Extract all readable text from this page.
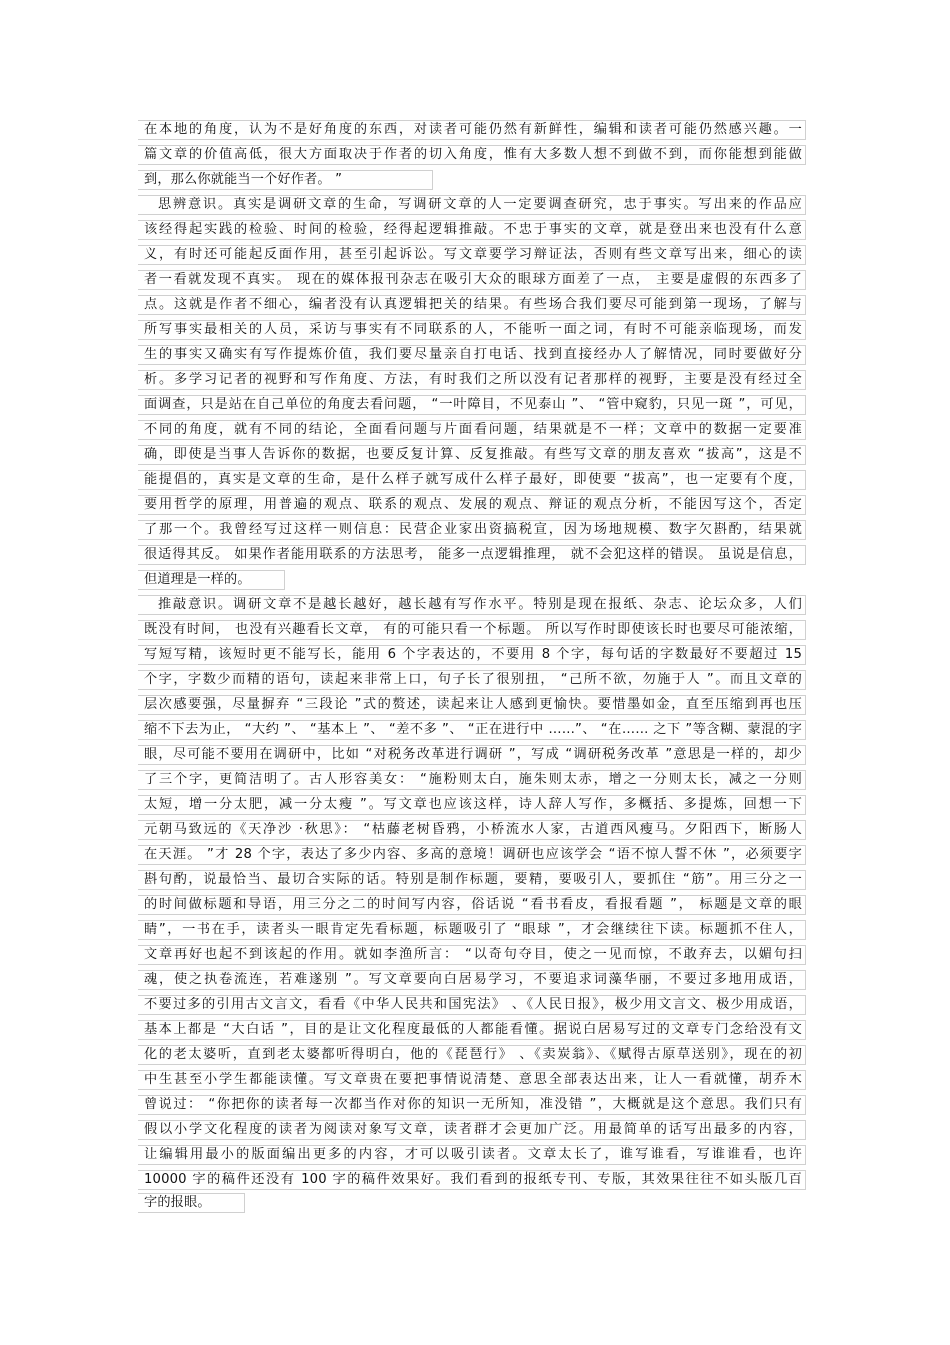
在本地的角度，认为不是好角度的东西，对读者可能仍然有新鲜性，编辑和读者可能仍然感兴趣。一
篇文章的价值高低，很大方面取决于作者的切入角度，惟有大多数人想不到做不到，而你能想到能做
到，那么你就能当一个好作者。 ”
思辨意识。真实是调研文章的生命，写调研文章的人一定要调查研究，忠于事实。写出来的作品应
该经得起实践的检验、时间的检验，经得起逻辑推敲。不忠于事实的文章，就是登出来也没有什么意
义，有时还可能起反面作用，甚至引起诉讼。写文章要学习辩证法，否则有些文章写出来，细心的读
者一看就发现不真实。 现在的媒体报刊杂志在吸引大众的眼球方面差了一点， 主要是虚假的东西多了
点。这就是作者不细心，编者没有认真逻辑把关的结果。有些场合我们要尽可能到第一现场，了解与
所写事实最相关的人员，采访与事实有不同联系的人，不能听一面之词，有时不可能亲临现场，而发
生的事实又确实有写作提炼价值，我们要尽量亲自打电话、找到直接经办人了解情况，同时要做好分
析。多学习记者的视野和写作角度、方法，有时我们之所以没有记者那样的视野，主要是没有经过全
面调查，只是站在自己单位的角度去看问题， “一叶障目，不见泰山 ”、 “管中窥豹，只见一斑 ”，可见，
不同的角度，就有不同的结论，全面看问题与片面看问题，结果就是不一样；文章中的数据一定要准
确，即使是当事人告诉你的数据，也要反复计算、反复推敲。有些写文章的朋友喜欢 “拔高”，这是不
能提倡的，真实是文章的生命，是什么样子就写成什么样子最好，即使要 “拔高”，也一定要有个度，
要用哲学的原理，用普遍的观点、联系的观点、发展的观点、辩证的观点分析，不能因写这个，否定
了那一个。我曾经写过这样一则信息：民营企业家出资搞税宣，因为场地规模、数字欠斟酌，结果就
很适得其反。 如果作者能用联系的方法思考， 能多一点逻辑推理， 就不会犯这样的错误。 虽说是信息，
但道理是一样的。
推敲意识。调研文章不是越长越好，越长越有写作水平。特别是现在报纸、杂志、论坛众多，人们
既没有时间， 也没有兴趣看长文章， 有的可能只看一个标题。 所以写作时即使该长时也要尽可能浓缩，
写短写精，该短时更不能写长，能用 6 个字表达的，不要用 8 个字，每句话的字数最好不要超过 15
个字，字数少而精的语句，读起来非常上口，句子长了很别扭， “己所不欲，勿施于人 ”。而且文章的
层次感要强，尽量摒弃 “三段论 ”式的赘述，读起来让人感到更愉快。要惜墨如金，直至压缩到再也压
缩不下去为止， “大约 ”、 “基本上 ”、 “差不多 ”、 “正在进行中 ……”、 “在…… 之下 ”等含糊、蒙混的字
眼，尽可能不要用在调研中，比如 “对税务改革进行调研 ”，写成 “调研税务改革 ”意思是一样的，却少
了三个字，更简洁明了。古人形容美女： “施粉则太白，施朱则太赤，增之一分则太长，减之一分则
太短，增一分太肥，减一分太瘦 ”。写文章也应该这样，诗人辞人写作，多概括、多提炼，回想一下
元朝马致远的《天净沙 ·秋思》： “枯藤老树昏鸦，小桥流水人家，古道西风瘦马。夕阳西下，断肠人
在天涯。 ”才 28 个字，表达了多少内容、多高的意境！调研也应该学会 “语不惊人誓不休 ”，必须要字
斟句酌，说最恰当、最切合实际的话。特别是制作标题，要精，要吸引人，要抓住 “筋”。用三分之一
的时间做标题和导语，用三分之二的时间写内容，俗话说 “看书看皮，看报看题 ”， 标题是文章的眼
睛”，一书在手，读者头一眼肯定先看标题，标题吸引了 “眼球 ”，才会继续往下读。标题抓不住人，
文章再好也起不到该起的作用。就如李渔所言： “以奇句夺目，使之一见而惊，不敢弃去，以媚句扫
魂，使之执卷流连，若难遂别 ”。写文章要向白居易学习，不要追求词藻华丽，不要过多地用成语，
不要过多的引用古文言文，看看《中华人民共和国宪法》 、《人民日报》，极少用文言文、极少用成语，
基本上都是 “大白话 ”，目的是让文化程度最低的人都能看懂。据说白居易写过的文章专门念给没有文
化的老太婆听，直到老太婆都听得明白，他的《琵琶行》 、《卖炭翁》、《赋得古原草送别》，现在的初
中生甚至小学生都能读懂。写文章贵在要把事情说清楚、意思全部表达出来，让人一看就懂，胡乔木
曾说过： “你把你的读者每一次都当作对你的知识一无所知，准没错 ”，大概就是这个意思。我们只有
假以小学文化程度的读者为阅读对象写文章，读者群才会更加广泛。用最简单的话写出最多的内容，
让编辑用最小的版面编出更多的内容，才可以吸引读者。文章太长了，谁写谁看，写谁谁看，也许
10000 字的稿件还没有 100 字的稿件效果好。我们看到的报纸专刊、专版，其效果往往不如头版几百
字的报眼。
